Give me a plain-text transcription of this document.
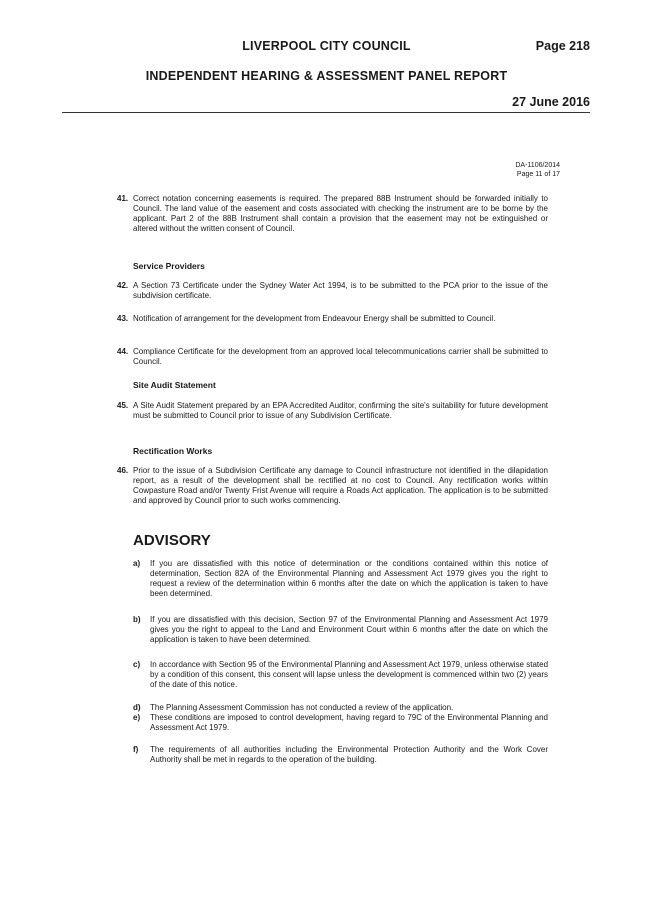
LIVERPOOL CITY COUNCIL	Page 218
INDEPENDENT HEARING & ASSESSMENT PANEL REPORT
27 June 2016
DA-1106/2014
Page 11 of 17
41. Correct notation concerning easements is required. The prepared 88B Instrument should be forwarded initially to Council. The land value of the easement and costs associated with checking the instrument are to be borne by the applicant. Part 2 of the 88B Instrument shall contain a provision that the easement may not be extinguished or altered without the written consent of Council.
Service Providers
42. A Section 73 Certificate under the Sydney Water Act 1994, is to be submitted to the PCA prior to the issue of the subdivision certificate.
43. Notification of arrangement for the development from Endeavour Energy shall be submitted to Council.
44. Compliance Certificate for the development from an approved local telecommunications carrier shall be submitted to Council.
Site Audit Statement
45. A Site Audit Statement prepared by an EPA Accredited Auditor, confirming the site's suitability for future development must be submitted to Council prior to issue of any Subdivision Certificate.
Rectification Works
46. Prior to the issue of a Subdivision Certificate any damage to Council infrastructure not identified in the dilapidation report, as a result of the development shall be rectified at no cost to Council. Any rectification works within Cowpasture Road and/or Twenty Frist Avenue will require a Roads Act application. The application is to be submitted and approved by Council prior to such works commencing.
ADVISORY
a) If you are dissatisfied with this notice of determination or the conditions contained within this notice of determination, Section 82A of the Environmental Planning and Assessment Act 1979 gives you the right to request a review of the determination within 6 months after the date on which the application is taken to have been determined.
b) If you are dissatisfied with this decision, Section 97 of the Environmental Planning and Assessment Act 1979 gives you the right to appeal to the Land and Environment Court within 6 months after the date on which the application is taken to have been determined.
c) In accordance with Section 95 of the Environmental Planning and Assessment Act 1979, unless otherwise stated by a condition of this consent, this consent will lapse unless the development is commenced within two (2) years of the date of this notice.
d) The Planning Assessment Commission has not conducted a review of the application.
e) These conditions are imposed to control development, having regard to 79C of the Environmental Planning and Assessment Act 1979.
f) The requirements of all authorities including the Environmental Protection Authority and the Work Cover Authority shall be met in regards to the operation of the building.
